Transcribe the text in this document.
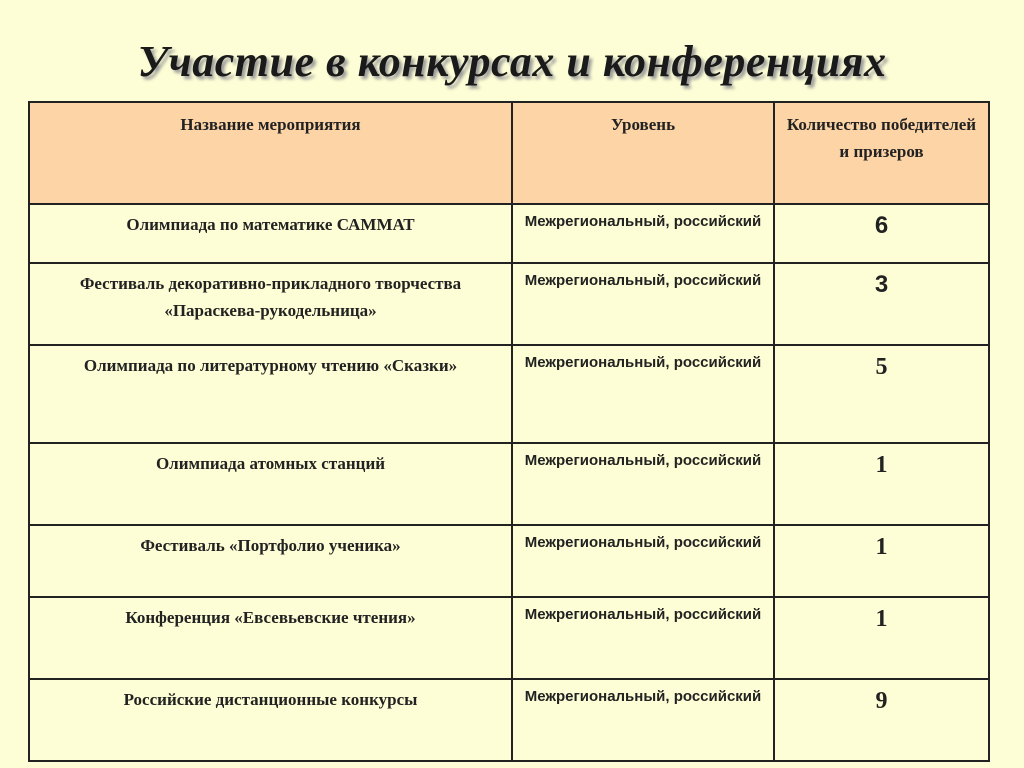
Участие в конкурсах и конференциях
Название мероприятия	Уровень	Количество победителей и призеров
Олимпиада по математике САММАТ	Межрегиональный, российский	6
Фестиваль декоративно-прикладного творчества «Параскева-рукодельница»	Межрегиональный, российский	3
Олимпиада по литературному чтению «Сказки»	Межрегиональный, российский	5
Олимпиада атомных станций	Межрегиональный, российский	1
Фестиваль «Портфолио ученика»	Межрегиональный, российский	1
Конференция «Евсевьевские чтения»	Межрегиональный, российский	1
Российские дистанционные конкурсы	Межрегиональный, российский	9
